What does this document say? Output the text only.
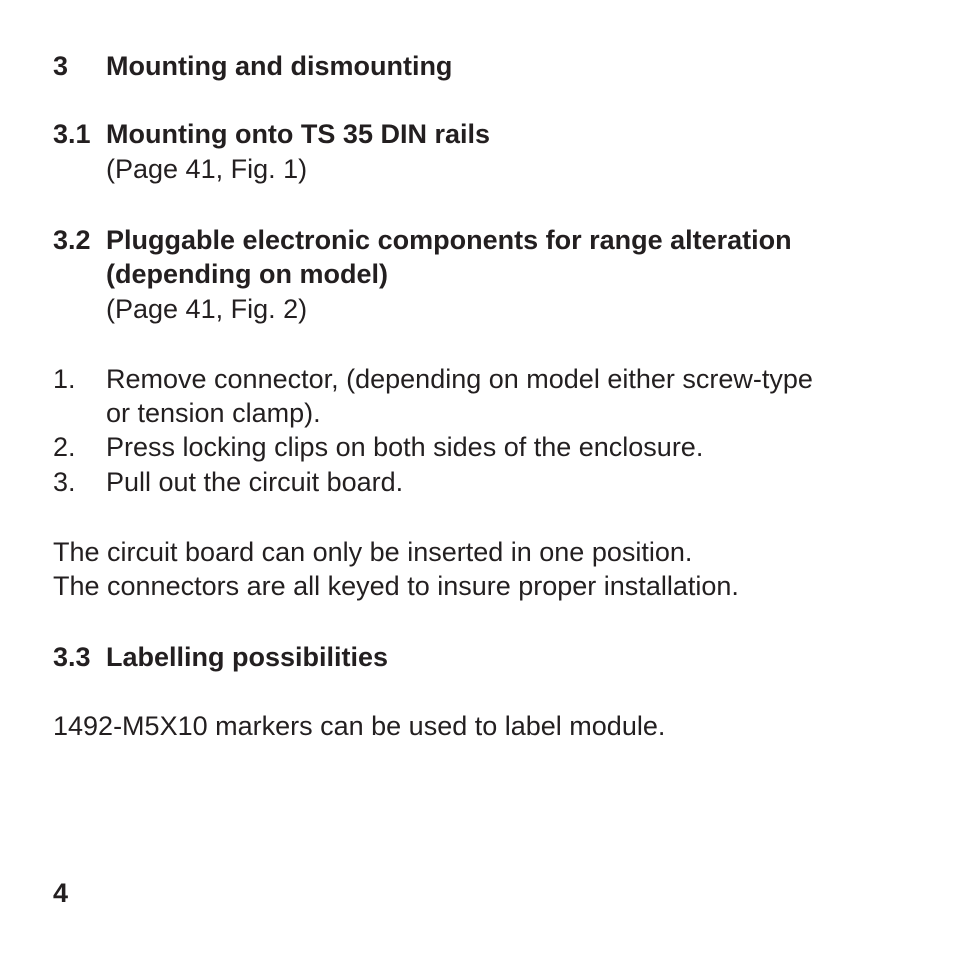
3 Mounting and dismounting
3.1 Mounting onto TS 35 DIN rails
(Page 41, Fig. 1)
3.2 Pluggable electronic components for range alteration
(depending on model)
(Page 41, Fig. 2)
1. Remove connector, (depending on model either screw-type
or tension clamp).
2. Press locking clips on both sides of the enclosure.
3. Pull out the circuit board.
The circuit board can only be inserted in one position.
The connectors are all keyed to insure proper installation.
3.3 Labelling possibilities
1492-M5X10 markers can be used to label module.
4
